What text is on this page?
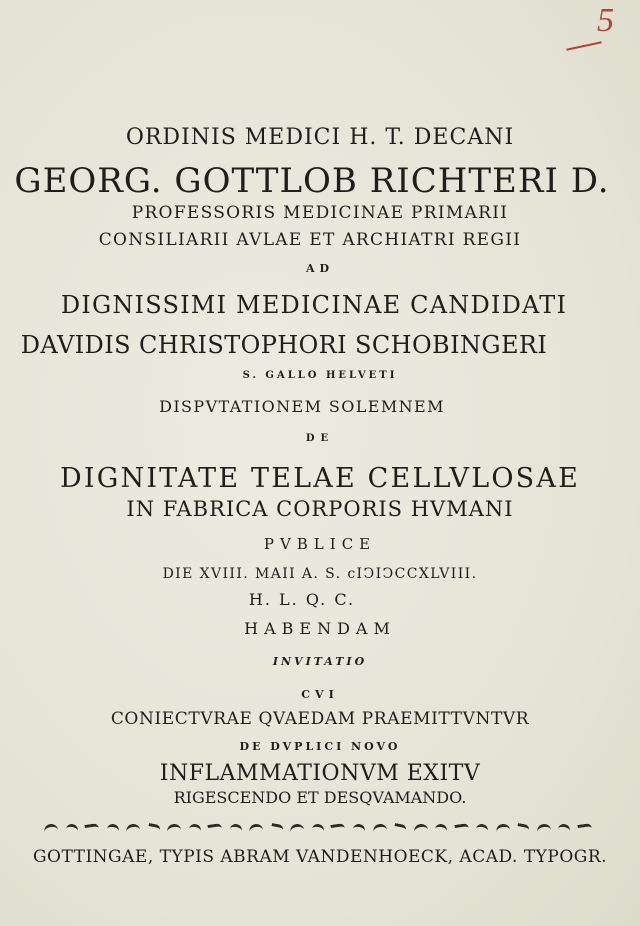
5
ORDINIS MEDICI H. T. DECANI
GEORG. GOTTLOB RICHTERI D.
PROFESSORIS MEDICINAE PRIMARII
CONSILIARII AVLAE ET ARCHIATRI REGII
AD
DIGNISSIMI MEDICINAE CANDIDATI
DAVIDIS CHRISTOPHORI SCHOBINGERI
S. GALLO HELVETI
DISPVTATIONEM SOLEMNEM
DE
DIGNITATE TELAE CELLVLOSAE
IN FABRICA CORPORIS HVMANI
PVBLICE
DIE XVIII. MAII A. S. cIↃIↃCCXLVIII.
H. L. Q. C.
HABENDAM
INVITATIO
CVI
CONIECTVRAE QVAEDAM PRAEMITTVNTVR
DE DVPLICI NOVO
INFLAMMATIONVM EXITV
RIGESCENDO ET DESQVAMANDO.
GOTTINGAE, TYPIS ABRAM VANDENHOECK, ACAD. TYPOGR.
